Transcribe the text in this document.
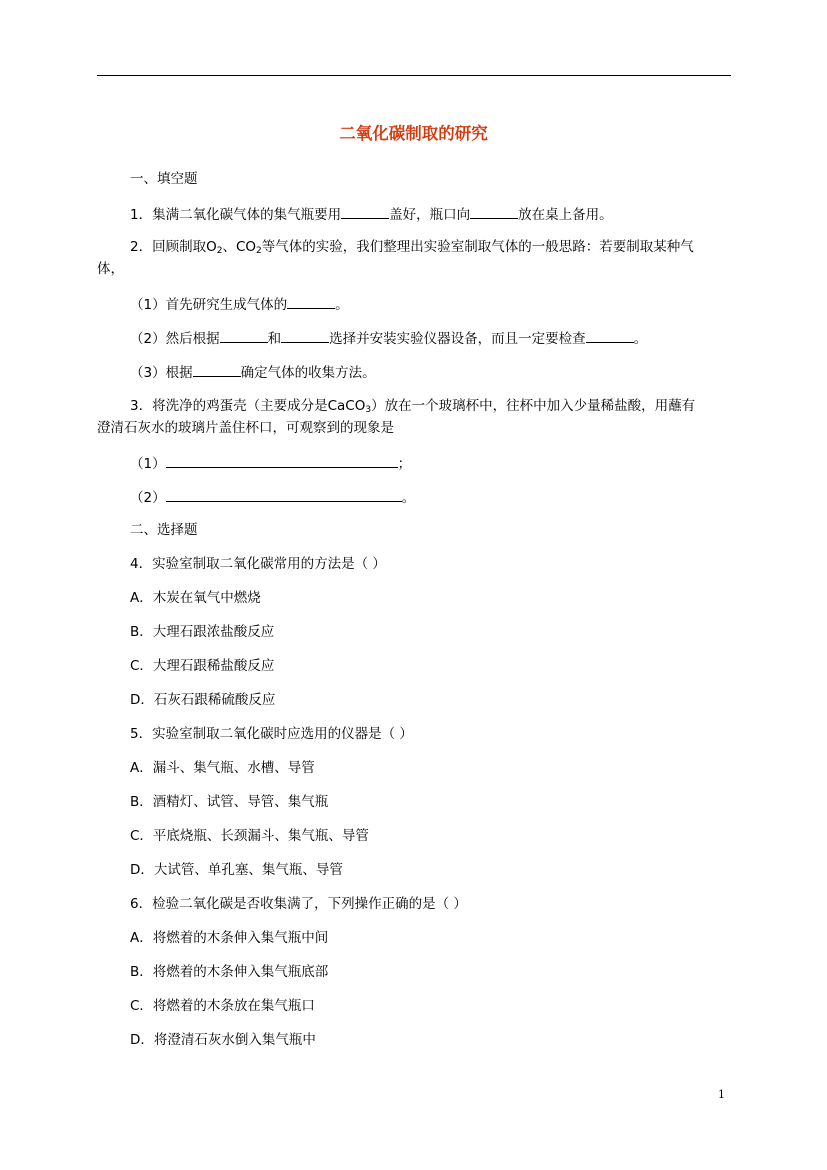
二氧化碳制取的研究
一、填空题
1．集满二氧化碳气体的集气瓶要用	盖好，瓶口向	放在桌上备用。
2．回顾制取$O_2$、$CO_2$等气体的实验，我们整理出实验室制取气体的一般思路：若要制取某种气
体，
（1）首先研究生成气体的	。
（2）然后根据	和	选择并安装实验仪器设备，而且一定要检查	。
（3）根据	确定气体的收集方法。
3．将洗净的鸡蛋壳（主要成分是CaCO$_3$）放在一个玻璃杯中，往杯中加入少量稀盐酸，用蘸有
澄清石灰水的玻璃片盖住杯口，可观察到的现象是
（1）	；
（2）	。
二、选择题
4．实验室制取二氧化碳常用的方法是（ ）
A．木炭在氧气中燃烧
B．大理石跟浓盐酸反应
C．大理石跟稀盐酸反应
D．石灰石跟稀硫酸反应
5．实验室制取二氧化碳时应选用的仪器是（ ）
A．漏斗、集气瓶、水槽、导管
B．酒精灯、试管、导管、集气瓶
C．平底烧瓶、长颈漏斗、集气瓶、导管
D．大试管、单孔塞、集气瓶、导管
6．检验二氧化碳是否收集满了，下列操作正确的是（ ）
A．将燃着的木条伸入集气瓶中间
B．将燃着的木条伸入集气瓶底部
C．将燃着的木条放在集气瓶口
D．将澄清石灰水倒入集气瓶中
1
